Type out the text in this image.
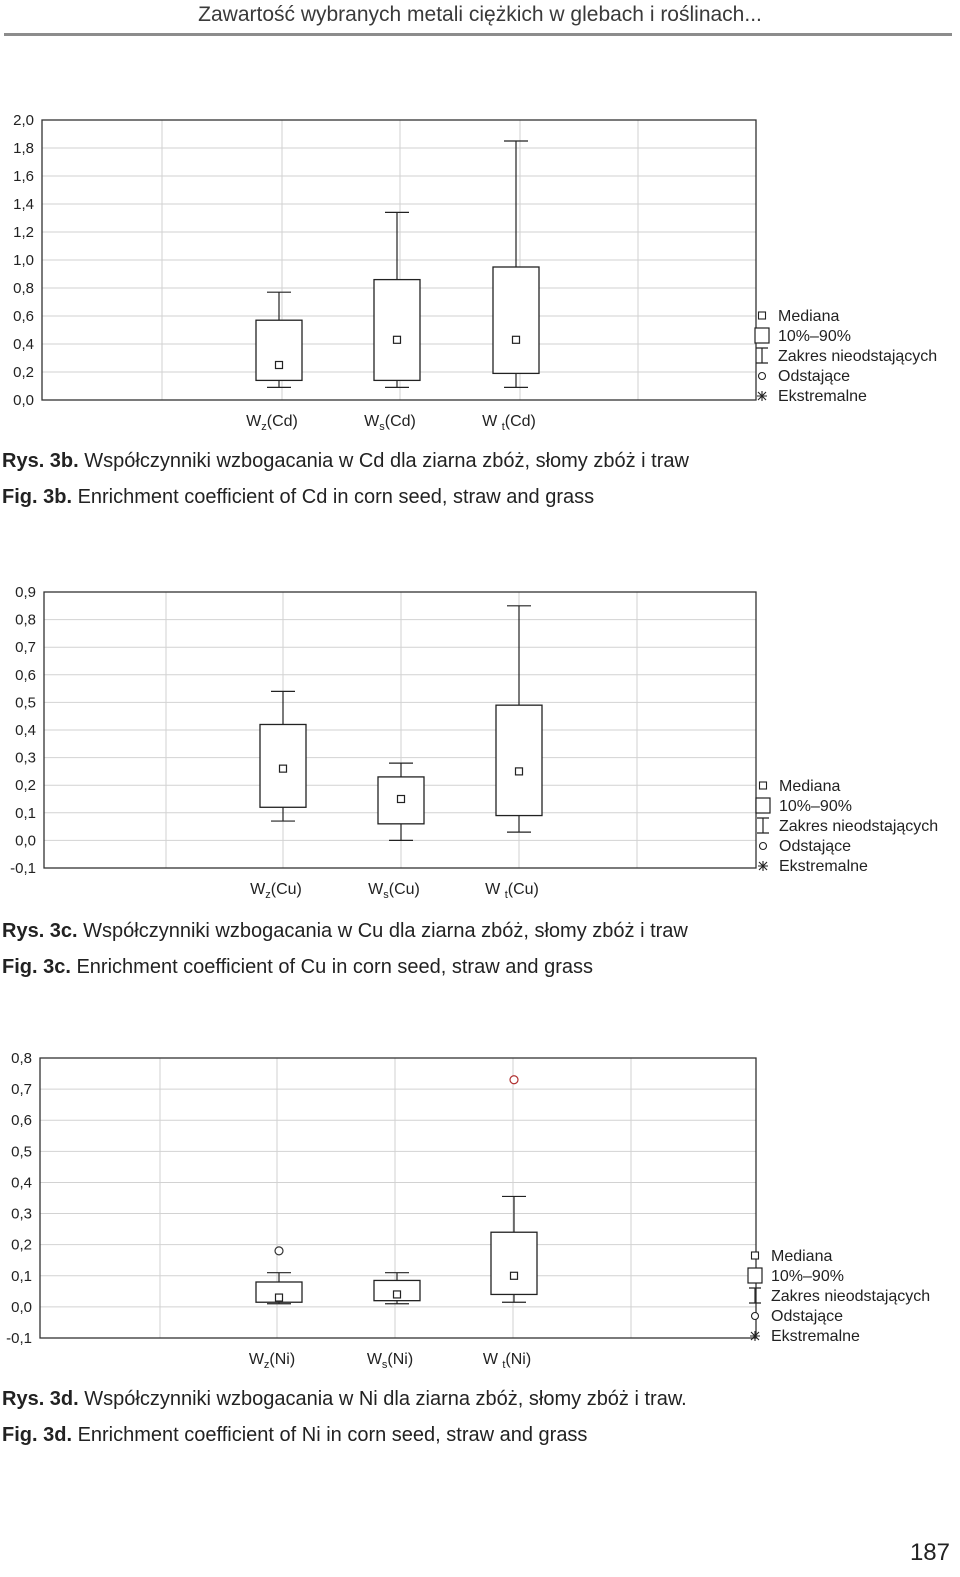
Zawartość wybranych metali ciężkich w glebach i roślinach...
0,0
0,2
0,4
0,6
0,8
1,0
1,2
1,4
1,6
1,8
2,0
$W_z(Cd)$	$W_s(Cd)$	W $_t$(Cd)
Mediana
10%–90%
Zakres nieodstających
Odstające
Ekstremalne
Rys. 3b. Współczynniki wzbogacania w Cd dla ziarna zbóż, słomy zbóż i traw
Fig. 3b. Enrichment coefficient of Cd in corn seed, straw and grass
-0,1
0,0
0,1
0,2
0,3
0,4
0,5
0,6
0,7
0,8
0,9
$W_z(Cu)$	$W_s(Cu)$	W $_t$(Cu)
Mediana
10%–90%
Zakres nieodstających
Odstające
Ekstremalne
Rys. 3c. Współczynniki wzbogacania w Cu dla ziarna zbóż, słomy zbóż i traw
Fig. 3c. Enrichment coefficient of Cu in corn seed, straw and grass
-0,1
0,0
0,1
0,2
0,3
0,4
0,5
0,6
0,7
0,8
$W_z(Ni)$	$W_s(Ni)$	W $_t$(Ni)
Mediana
10%–90%
Zakres nieodstających
Odstające
Ekstremalne
Rys. 3d. Współczynniki wzbogacania w Ni dla ziarna zbóż, słomy zbóż i traw.
Fig. 3d. Enrichment coefficient of Ni in corn seed, straw and grass
187
